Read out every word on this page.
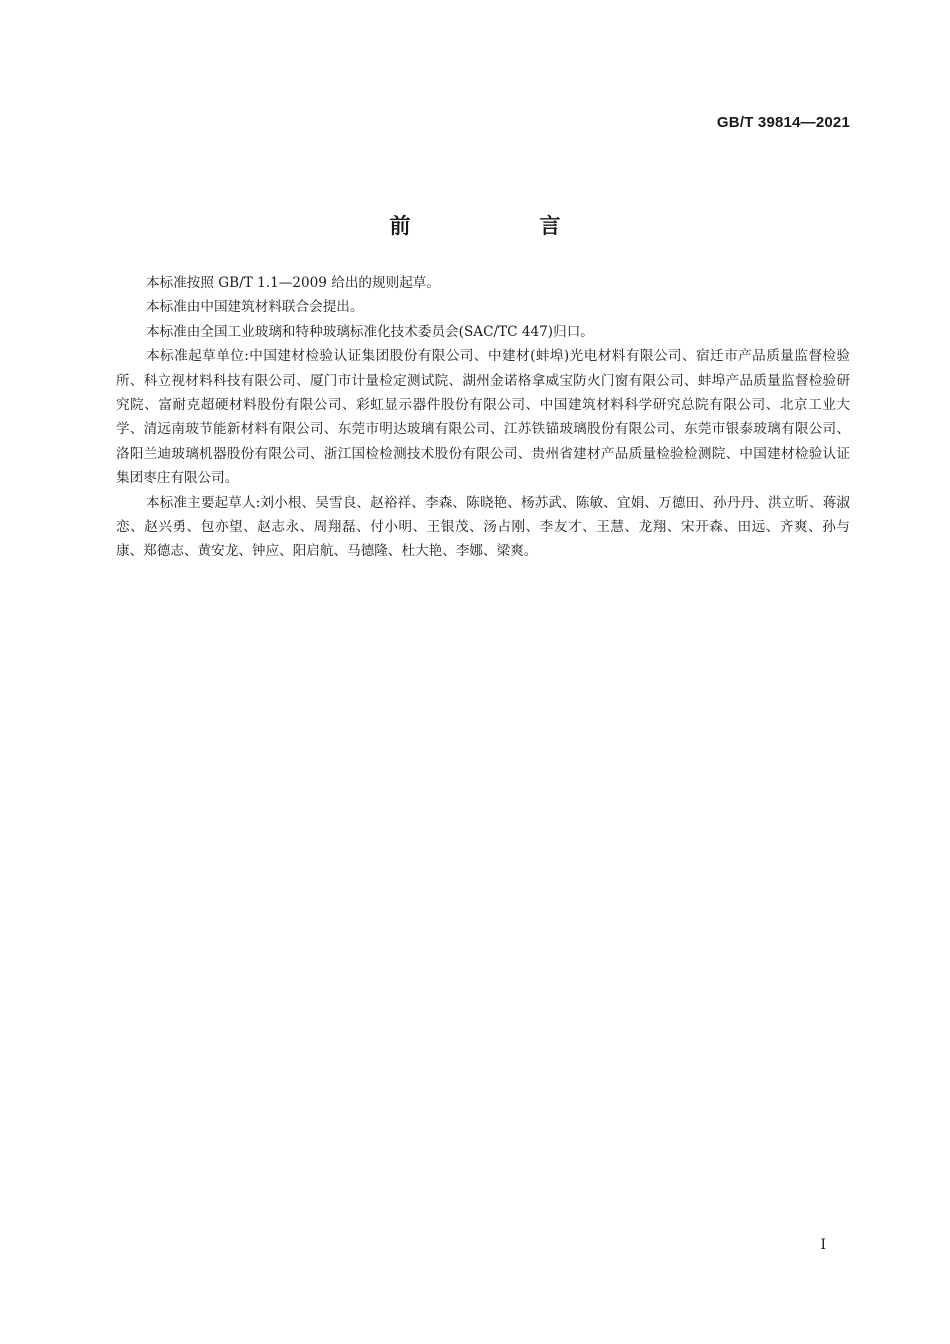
GB/T 39814—2021
前　言

本标准按照 GB/T 1.1—2009 给出的规则起草。

本标准由中国建筑材料联合会提出。

本标准由全国工业玻璃和特种玻璃标准化技术委员会(SAC/TC 447)归口。

本标准起草单位:中国建材检验认证集团股份有限公司、中建材(蚌埠)光电材料有限公司、宿迁市产品质量监督检验所、科立视材料科技有限公司、厦门市计量检定测试院、湖州金诺格拿威宝防火门窗有限公司、蚌埠产品质量监督检验研究院、富耐克超硬材料股份有限公司、彩虹显示器件股份有限公司、中国建筑材料科学研究总院有限公司、北京工业大学、清远南玻节能新材料有限公司、东莞市明达玻璃有限公司、江苏铁锚玻璃股份有限公司、东莞市银泰玻璃有限公司、洛阳兰迪玻璃机器股份有限公司、浙江国检检测技术股份有限公司、贵州省建材产品质量检验检测院、中国建材检验认证集团枣庄有限公司。

本标准主要起草人:刘小根、吴雪良、赵裕祥、李森、陈晓艳、杨苏武、陈敏、宜娟、万德田、孙丹丹、洪立昕、蒋淑恋、赵兴勇、包亦望、赵志永、周翔磊、付小明、王银茂、汤占刚、李友才、王慧、龙翔、宋开森、田远、齐爽、孙与康、郑德志、黄安龙、钟应、阳启航、马德隆、杜大艳、李娜、梁爽。

I
